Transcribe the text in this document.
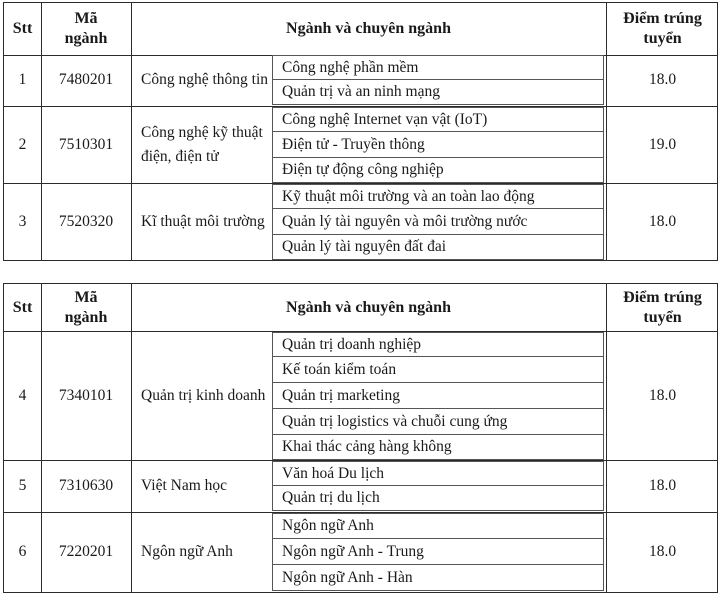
Stt
Mã ngành
Ngành và chuyên ngành
Điểm trúng tuyển
1	7480201	Công nghệ thông tin
Công nghệ phần mềm
Quản trị và an ninh mạng
18.0
2	7510301
Công nghệ kỹ thuật điện, điện tử
Công nghệ Internet vạn vật (IoT)
Điện tử - Truyền thông
Điện tự động công nghiệp
19.0
3	7520320	Kĩ thuật môi trường
Kỹ thuật môi trường và an toàn lao động
Quản lý tài nguyên và môi trường nước
Quản lý tài nguyên đất đai
18.0
Stt
Mã ngành
Ngành và chuyên ngành
Điểm trúng tuyển
4	7340101	Quản trị kinh doanh
Quản trị doanh nghiệp
Kế toán kiểm toán
Quản trị marketing
Quản trị logistics và chuỗi cung ứng
Khai thác cảng hàng không
18.0
5	7310630	Việt Nam học
Văn hoá Du lịch
Quản trị du lịch
18.0
6	7220201	Ngôn ngữ Anh
Ngôn ngữ Anh
Ngôn ngữ Anh - Trung
Ngôn ngữ Anh - Hàn
18.0
